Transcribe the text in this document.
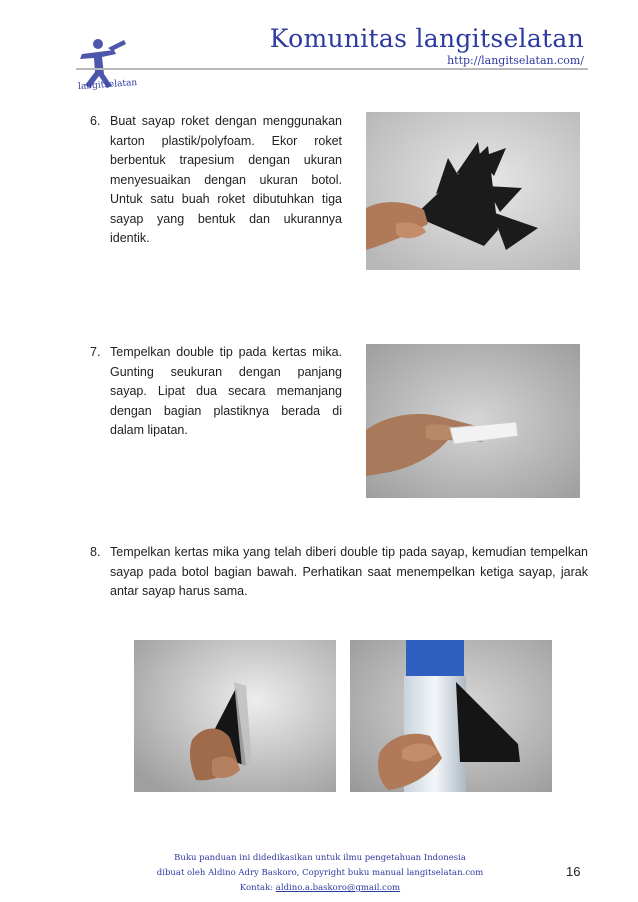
langitselatan
Komunitas langitselatan
http://langitselatan.com/
6. Buat sayap roket dengan menggunakan karton plastik/polyfoam. Ekor roket berbentuk trapesium dengan ukuran menyesuaikan dengan ukuran botol. Untuk satu buah roket dibutuhkan tiga sayap yang bentuk dan ukurannya identik.
7. Tempelkan double tip pada kertas mika. Gunting seukuran dengan panjang sayap. Lipat dua secara memanjang dengan bagian plastiknya berada di dalam lipatan.
8. Tempelkan kertas mika yang telah diberi double tip pada sayap, kemudian tempelkan sayap pada botol bagian bawah. Perhatikan saat menempelkan ketiga sayap, jarak antar sayap harus sama.
Buku panduan ini didedikasikan untuk ilmu pengetahuan Indonesia
dibuat oleh Aldino Adry Baskoro, Copyright buku manual langitselatan.com
Kontak: aldino.a.baskoro@gmail.com
16
